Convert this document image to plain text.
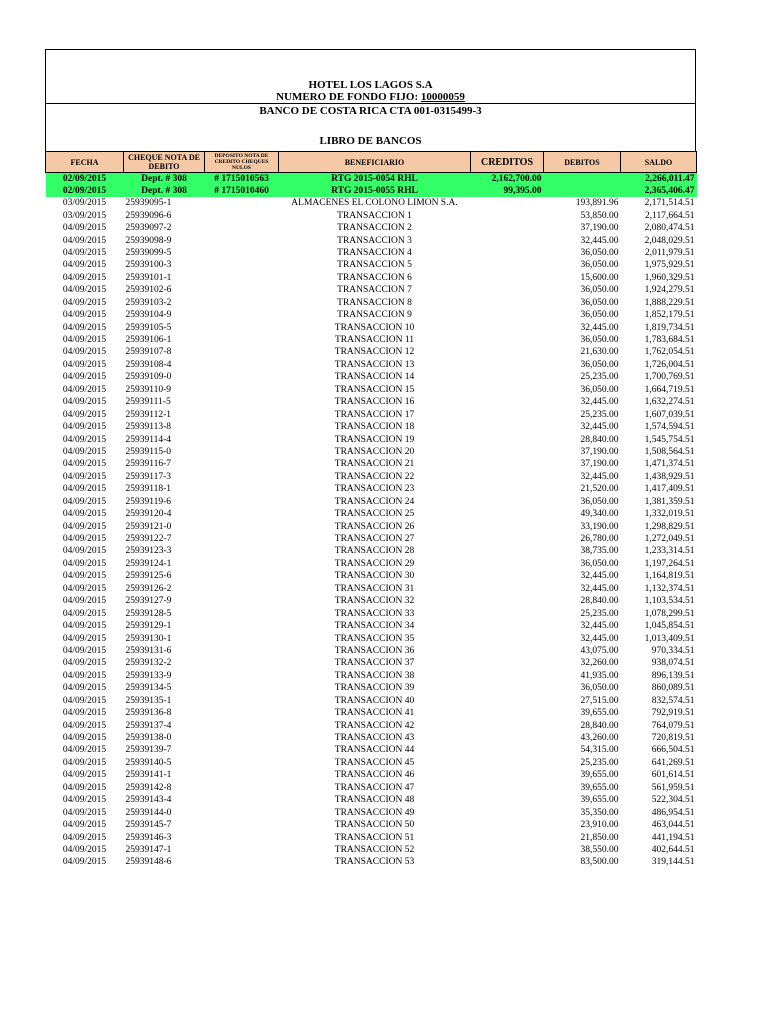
HOTEL LOS LAGOS S.A
NUMERO DE FONDO FIJO: 10000059
BANCO DE COSTA RICA CTA 001-0315499-3
LIBRO DE BANCOS
FECHA	CHEQUE NOTA DE DEBITO	DEPOSITO NOTA DE CREDITO CHEQUES NULOS	BENEFICIARIO	CREDITOS	DEBITOS	SALDO
02/09/2015	Dept. # 308	# 1715010563	RTG 2015-0054 RHL	2,162,700.00		2,266,011.47
02/09/2015	Dept. # 308	# 1715010460	RTG 2015-0055 RHL	99,395.00		2,365,406.47
03/09/2015	25939095-1		ALMACENES EL COLONO LIMON S.A.		193,891.96	2,171,514.51
03/09/2015	25939096-6		TRANSACCION 1		53,850.00	2,117,664.51
04/09/2015	25939097-2		TRANSACCION 2		37,190.00	2,080,474.51
04/09/2015	25939098-9		TRANSACCION 3		32,445.00	2,048,029.51
04/09/2015	25939099-5		TRANSACCION 4		36,050.00	2,011,979.51
04/09/2015	25939100-3		TRANSACCION 5		36,050.00	1,975,929.51
04/09/2015	25939101-1		TRANSACCION 6		15,600.00	1,960,329.51
04/09/2015	25939102-6		TRANSACCION 7		36,050.00	1,924,279.51
04/09/2015	25939103-2		TRANSACCION 8		36,050.00	1,888,229.51
04/09/2015	25939104-9		TRANSACCION 9		36,050.00	1,852,179.51
04/09/2015	25939105-5		TRANSACCION 10		32,445.00	1,819,734.51
04/09/2015	25939106-1		TRANSACCION 11		36,050.00	1,783,684.51
04/09/2015	25939107-8		TRANSACCION 12		21,630.00	1,762,054.51
04/09/2015	25939108-4		TRANSACCION 13		36,050.00	1,726,004.51
04/09/2015	25939109-0		TRANSACCION 14		25,235.00	1,700,769.51
04/09/2015	25939110-9		TRANSACCION 15		36,050.00	1,664,719.51
04/09/2015	25939111-5		TRANSACCION 16		32,445.00	1,632,274.51
04/09/2015	25939112-1		TRANSACCION 17		25,235.00	1,607,039.51
04/09/2015	25939113-8		TRANSACCION 18		32,445.00	1,574,594.51
04/09/2015	25939114-4		TRANSACCION 19		28,840.00	1,545,754.51
04/09/2015	25939115-0		TRANSACCION 20		37,190.00	1,508,564.51
04/09/2015	25939116-7		TRANSACCION 21		37,190.00	1,471,374.51
04/09/2015	25939117-3		TRANSACCION 22		32,445.00	1,438,929.51
04/09/2015	25939118-1		TRANSACCION 23		21,520.00	1,417,409.51
04/09/2015	25939119-6		TRANSACCION 24		36,050.00	1,381,359.51
04/09/2015	25939120-4		TRANSACCION 25		49,340.00	1,332,019.51
04/09/2015	25939121-0		TRANSACCION 26		33,190.00	1,298,829.51
04/09/2015	25939122-7		TRANSACCION 27		26,780.00	1,272,049.51
04/09/2015	25939123-3		TRANSACCION 28		38,735.00	1,233,314.51
04/09/2015	25939124-1		TRANSACCION 29		36,050.00	1,197,264.51
04/09/2015	25939125-6		TRANSACCION 30		32,445.00	1,164,819.51
04/09/2015	25939126-2		TRANSACCION 31		32,445.00	1,132,374.51
04/09/2015	25939127-9		TRANSACCION 32		28,840.00	1,103,534.51
04/09/2015	25939128-5		TRANSACCION 33		25,235.00	1,078,299.51
04/09/2015	25939129-1		TRANSACCION 34		32,445.00	1,045,854.51
04/09/2015	25939130-1		TRANSACCION 35		32,445.00	1,013,409.51
04/09/2015	25939131-6		TRANSACCION 36		43,075.00	970,334.51
04/09/2015	25939132-2		TRANSACCION 37		32,260.00	938,074.51
04/09/2015	25939133-9		TRANSACCION 38		41,935.00	896,139.51
04/09/2015	25939134-5		TRANSACCION 39		36,050.00	860,089.51
04/09/2015	25939135-1		TRANSACCION 40		27,515.00	832,574.51
04/09/2015	25939136-8		TRANSACCION 41		39,655.00	792,919.51
04/09/2015	25939137-4		TRANSACCION 42		28,840.00	764,079.51
04/09/2015	25939138-0		TRANSACCION 43		43,260.00	720,819.51
04/09/2015	25939139-7		TRANSACCION 44		54,315.00	666,504.51
04/09/2015	25939140-5		TRANSACCION 45		25,235.00	641,269.51
04/09/2015	25939141-1		TRANSACCION 46		39,655.00	601,614.51
04/09/2015	25939142-8		TRANSACCION 47		39,655.00	561,959.51
04/09/2015	25939143-4		TRANSACCION 48		39,655.00	522,304.51
04/09/2015	25939144-0		TRANSACCION 49		35,350.00	486,954.51
04/09/2015	25939145-7		TRANSACCION 50		23,910.00	463,044.51
04/09/2015	25939146-3		TRANSACCION 51		21,850.00	441,194.51
04/09/2015	25939147-1		TRANSACCION 52		38,550.00	402,644.51
04/09/2015	25939148-6		TRANSACCION 53		83,500.00	319,144.51
